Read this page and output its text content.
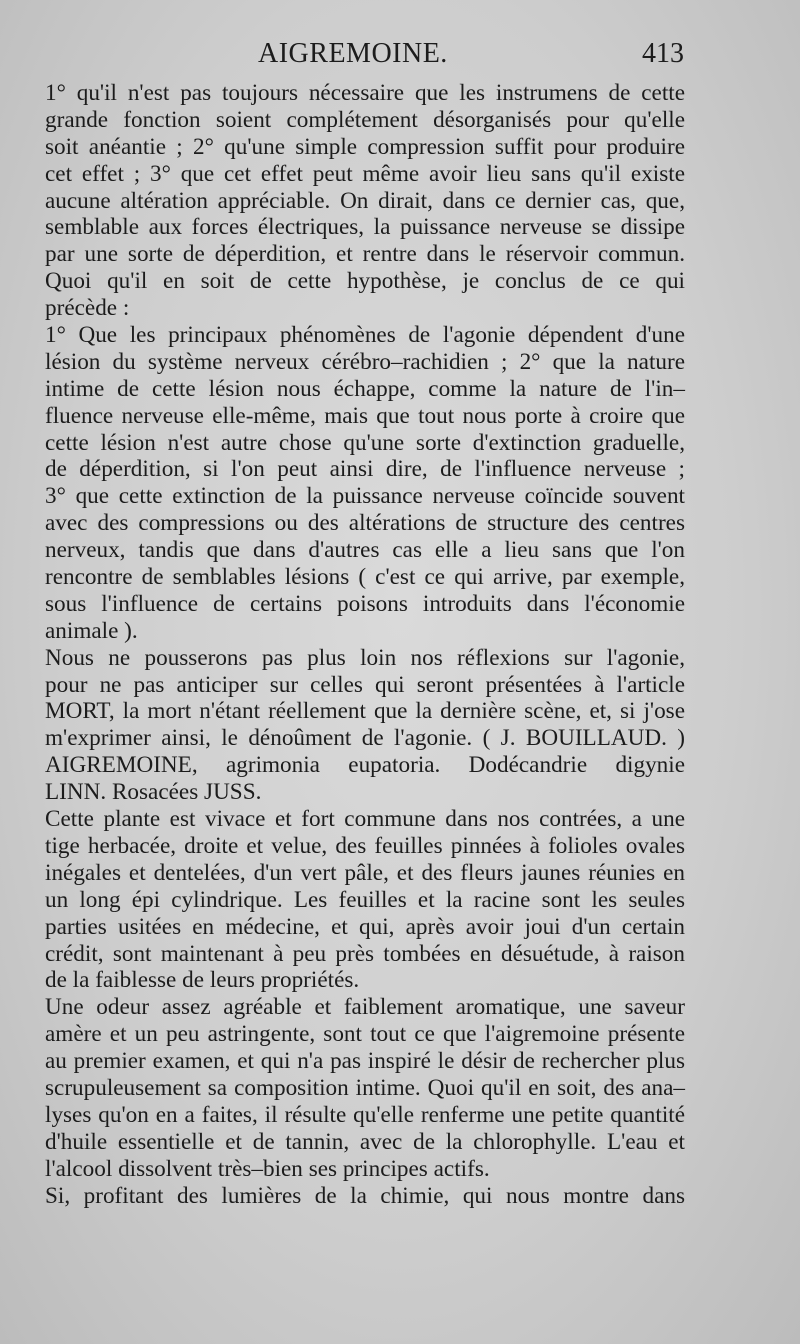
AIGREMOINE.	413
1° qu'il n'est pas toujours nécessaire que les instrumens de cette
grande fonction soient complétement désorganisés pour qu'elle
soit anéantie ; 2° qu'une simple compression suffit pour produire
cet effet ; 3° que cet effet peut même avoir lieu sans qu'il existe
aucune altération appréciable. On dirait, dans ce dernier cas, que,
semblable aux forces électriques, la puissance nerveuse se dissipe
par une sorte de déperdition, et rentre dans le réservoir commun.
Quoi qu'il en soit de cette hypothèse, je conclus de ce qui
précède :
1° Que les principaux phénomènes de l'agonie dépendent d'une
lésion du système nerveux cérébro–rachidien ; 2° que la nature
intime de cette lésion nous échappe, comme la nature de l'in–
fluence nerveuse elle-même, mais que tout nous porte à croire que
cette lésion n'est autre chose qu'une sorte d'extinction graduelle,
de déperdition, si l'on peut ainsi dire, de l'influence nerveuse ;
3° que cette extinction de la puissance nerveuse coïncide souvent
avec des compressions ou des altérations de structure des centres
nerveux, tandis que dans d'autres cas elle a lieu sans que l'on
rencontre de semblables lésions ( c'est ce qui arrive, par exemple,
sous l'influence de certains poisons introduits dans l'économie
animale ).
Nous ne pousserons pas plus loin nos réflexions sur l'agonie,
pour ne pas anticiper sur celles qui seront présentées à l'article
MORT, la mort n'étant réellement que la dernière scène, et, si j'ose
m'exprimer ainsi, le dénoûment de l'agonie. ( J. BOUILLAUD. )
AIGREMOINE, agrimonia eupatoria. Dodécandrie digynie
LINN. Rosacées JUSS.
Cette plante est vivace et fort commune dans nos contrées, a une
tige herbacée, droite et velue, des feuilles pinnées à folioles ovales
inégales et dentelées, d'un vert pâle, et des fleurs jaunes réunies en
un long épi cylindrique. Les feuilles et la racine sont les seules
parties usitées en médecine, et qui, après avoir joui d'un certain
crédit, sont maintenant à peu près tombées en désuétude, à raison
de la faiblesse de leurs propriétés.
Une odeur assez agréable et faiblement aromatique, une saveur
amère et un peu astringente, sont tout ce que l'aigremoine présente
au premier examen, et qui n'a pas inspiré le désir de rechercher plus
scrupuleusement sa composition intime. Quoi qu'il en soit, des ana–
lyses qu'on en a faites, il résulte qu'elle renferme une petite quantité
d'huile essentielle et de tannin, avec de la chlorophylle. L'eau et
l'alcool dissolvent très–bien ses principes actifs.
Si, profitant des lumières de la chimie, qui nous montre dans
